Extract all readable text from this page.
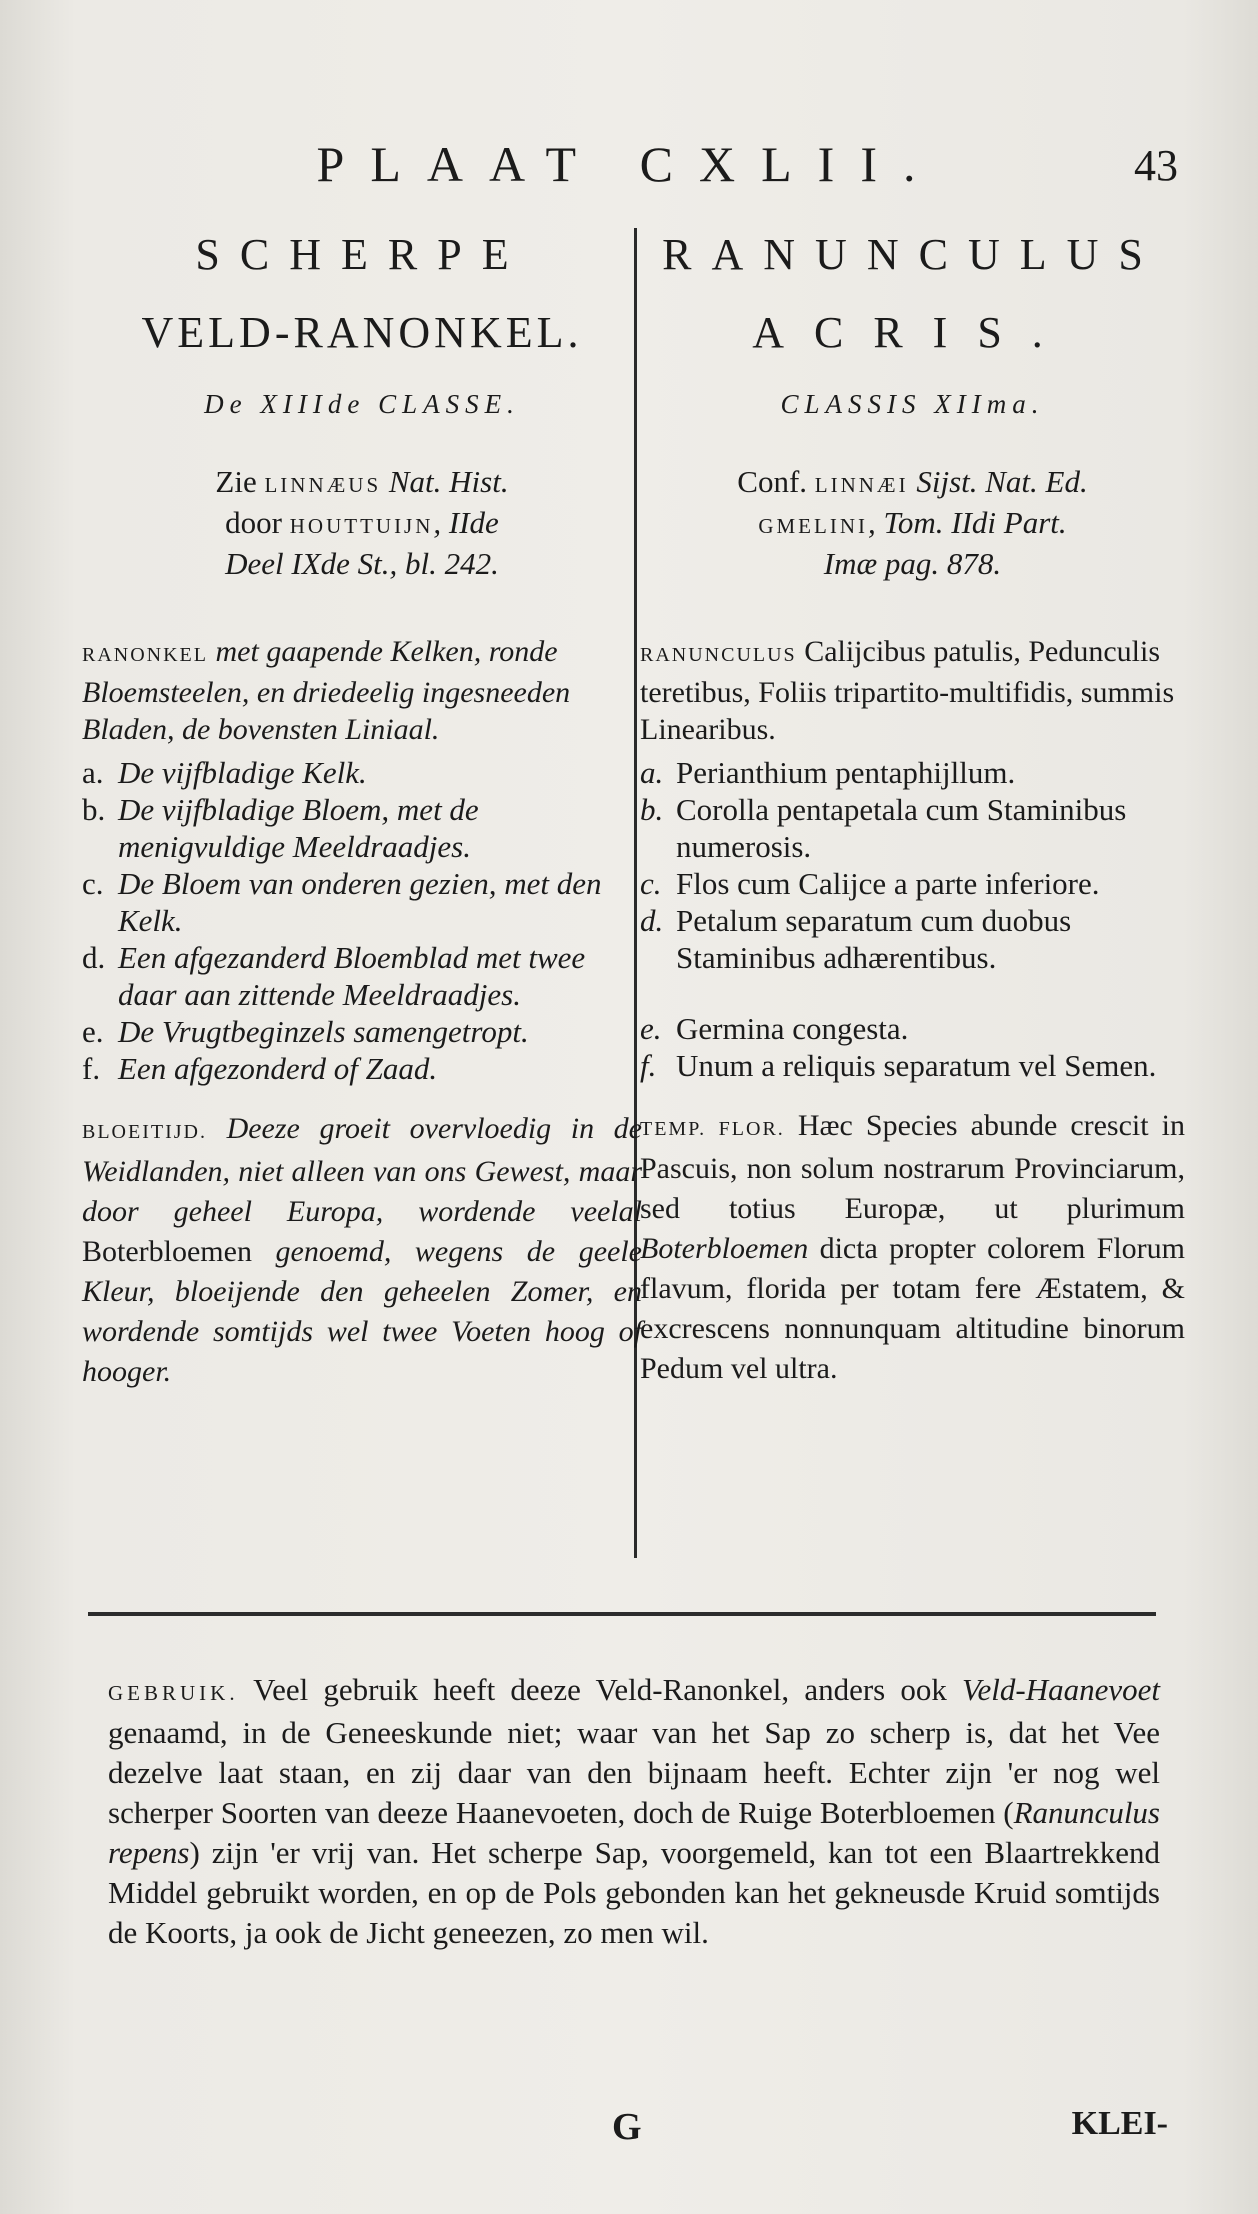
PLAAT CXLII.	43
SCHERPE
VELD-RANONKEL.
De XIIIde CLASSE.
Zie LINNÆUS Nat. Hist.
door HOUTTUIJN, IIde
Deel IXde St., bl. 242.
RANONKEL met gaapende Kelken, ronde Bloemsteelen, en driedeelig ingesneeden Bladen, de bovensten Liniaal.
a. De vijfbladige Kelk.
b. De vijfbladige Bloem, met de menigvuldige Meeldraadjes.
c. De Bloem van onderen gezien, met den Kelk.
d. Een afgezanderd Bloemblad met twee daar aan zittende Meeldraadjes.
e. De Vrugtbeginzels samengetropt.
f. Een afgezonderd of Zaad.
BLOEITIJD. Deeze groeit overvloedig in de Weidlanden, niet alleen van ons Gewest, maar door geheel Europa, wordende veelal Boterbloemen genoemd, wegens de geele Kleur, bloeijende den geheelen Zomer, en wordende somtijds wel twee Voeten hoog of hooger.
RANUNCULUS
ACRIS.
CLASSIS XIIma.
Conf. LINNÆI Sijst. Nat. Ed.
GMELINI, Tom. IIdi Part.
Imæ pag. 878.
RANUNCULUS Calijcibus patulis, Pedunculis teretibus, Foliis tripartito-multifidis, summis Linearibus.
a. Perianthium pentaphijllum.
b. Corolla pentapetala cum Staminibus numerosis.
c. Flos cum Calijce a parte inferiore.
d. Petalum separatum cum duobus Staminibus adhærentibus.
e. Germina congesta.
f. Unum a reliquis separatum vel Semen.
TEMP. FLOR. Hæc Species abunde crescit in Pascuis, non solum nostrarum Provinciarum, sed totius Europæ, ut plurimum Boterbloemen dicta propter colorem Florum flavum, florida per totam fere Æstatem, & excrescens nonnunquam altitudine binorum Pedum vel ultra.
GEBRUIK. Veel gebruik heeft deeze Veld-Ranonkel, anders ook Veld-Haanevoet genaamd, in de Geneeskunde niet; waar van het Sap zo scherp is, dat het Vee dezelve laat staan, en zij daar van den bijnaam heeft. Echter zijn 'er nog wel scherper Soorten van deeze Haanevoeten, doch de Ruige Boterbloemen (Ranunculus repens) zijn 'er vrij van. Het scherpe Sap, voorgemeld, kan tot een Blaartrekkend Middel gebruikt worden, en op de Pols gebonden kan het gekneusde Kruid somtijds de Koorts, ja ook de Jicht geneezen, zo men wil.
G	KLEI-
